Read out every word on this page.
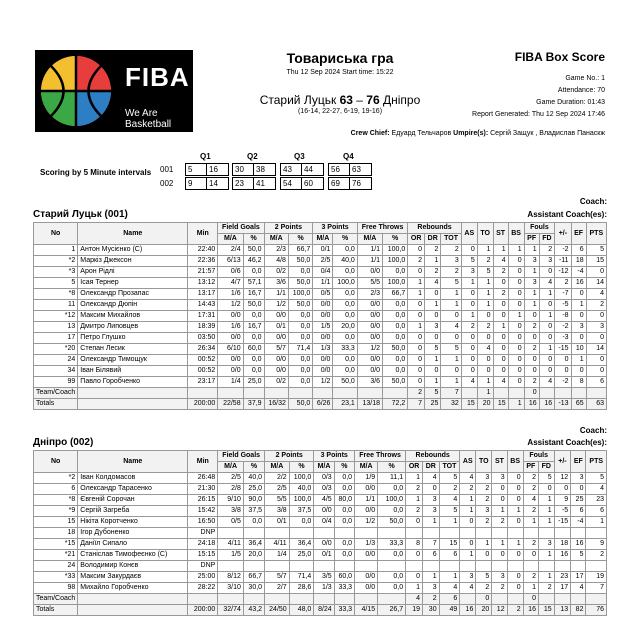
FIBA
We Are Basketball
Товариська гра
Thu 12 Sep 2024 Start time: 15:22
Старий Луцьк 63 – 76 Дніпро
(16-14, 22-27, 6-19, 19-16)
FIBA Box Score
Game No.: 1
Attendance: 70
Game Duration: 01:43
Report Generated: Thu 12 Sep 2024 17:46
Crew Chief: Едуард Тельчаров Umpire(s): Сергій Защук , Владислав Панаскж
Q1	Q2	Q3	Q4
Scoring by 5 Minute intervals 001
002
5	16	30	38	43	44	56	63
9	14	23	41	54	60	69	76
Старий Луцьк (001)
Coach:
Assistant Coach(es):
No	Name	Min	Field Goals		2 Points		3 Points		Free Throws		Rebounds			AS	TO	ST	BS	Fouls		+/-	EF	PTS
			M/A	%	M/A	%	M/A	%	M/A	%	OR	DR	TOT					PF	FD			
1	Антон Мусієнко (С)	22:40	2/4	50,0	2/3	66,7	0/1	0,0	1/1	100,0	0	2	2	0	1	1	1	1	2	-2	6	5
*2	Маркіз Джексон	22:36	6/13	46,2	4/8	50,0	2/5	40,0	1/1	100,0	2	1	3	5	2	4	0	3	3	-11	18	15
*3	Арон Рідлі	21:57	0/6	0,0	0/2	0,0	0/4	0,0	0/0	0,0	0	2	2	3	5	2	0	1	0	-12	-4	0
5	Ісая Тернер	13:12	4/7	57,1	3/6	50,0	1/1	100,0	5/5	100,0	1	4	5	1	1	0	0	3	4	2	16	14
*8	Олександр Прозапас	13:17	1/6	16,7	1/1	100,0	0/5	0,0	2/3	66,7	1	0	1	0	1	2	0	1	1	-7	0	4
11	Олександр Дюпін	14:43	1/2	50,0	1/2	50,0	0/0	0,0	0/0	0,0	0	1	1	0	1	0	0	1	0	-5	1	2
*12	Максим Михайлов	17:31	0/0	0,0	0/0	0,0	0/0	0,0	0/0	0,0	0	0	0	1	0	0	1	0	1	-8	0	0
13	Дмитро Липовцев	18:39	1/6	16,7	0/1	0,0	1/5	20,0	0/0	0,0	1	3	4	2	2	1	0	2	0	-2	3	3
17	Петро Глушко	03:50	0/0	0,0	0/0	0,0	0/0	0,0	0/0	0,0	0	0	0	0	0	0	0	0	0	-3	0	0
*20	Степан Лесик	26:34	6/10	60,0	5/7	71,4	1/3	33,3	1/2	50,0	0	5	5	0	4	0	0	2	1	-15	10	14
24	Олександр Тимощук	00:52	0/0	0,0	0/0	0,0	0/0	0,0	0/0	0,0	0	1	1	0	0	0	0	0	0	0	1	0
34	Іван Білявий	00:52	0/0	0,0	0/0	0,0	0/0	0,0	0/0	0,0	0	0	0	0	0	0	0	0	0	0	0	0
99	Павло Горобченко	23:17	1/4	25,0	0/2	0,0	1/2	50,0	3/6	50,0	0	1	1	4	1	4	0	2	4	-2	8	6
Team/Coach											2	5	7		1			0				
Totals		200:00	22/58	37,9	16/32	50,0	6/26	23,1	13/18	72,2	7	25	32	15	20	15	1	16	16	-13	65	63
Дніпро (002)
Coach:
Assistant Coach(es):
No	Name	Min	Field Goals		2 Points		3 Points		Free Throws		Rebounds			AS	TO	ST	BS	Fouls		+/-	EF	PTS
			M/A	%	M/A	%	M/A	%	M/A	%	OR	DR	TOT					PF	FD			
*2	Іван Колдомасов	26:48	2/5	40,0	2/2	100,0	0/3	0,0	1/9	11,1	1	4	5	4	3	3	0	2	5	12	3	5
6	Олександр Тарасенко	21:30	2/8	25,0	2/5	40,0	0/3	0,0	0/0	0,0	2	0	2	2	2	0	0	2	0	0	0	4
*8	Євгеній Сорочан	26:15	9/10	90,0	5/5	100,0	4/5	80,0	1/1	100,0	1	3	4	1	2	0	0	4	1	9	25	23
*9	Сергій Загреба	15:42	3/8	37,5	3/8	37,5	0/0	0,0	0/0	0,0	2	3	5	1	3	1	1	2	1	-5	6	6
15	Нікіта Коротченко	16:50	0/5	0,0	0/1	0,0	0/4	0,0	1/2	50,0	0	1	1	0	2	2	0	1	1	-15	-4	1
18	Ігор Дубоненко	DNP																				
*15	Даніїл Сипало	24:18	4/11	36,4	4/11	36,4	0/0	0,0	1/3	33,3	8	7	15	0	1	1	1	2	3	18	16	9
*21	Станіслав Тимофеєнко (С)	15:15	1/5	20,0	1/4	25,0	0/1	0,0	0/0	0,0	0	6	6	1	0	0	0	0	1	16	5	2
24	Володимир Конєв	DNP																				
*33	Максим Закурдаєв	25:00	8/12	66,7	5/7	71,4	3/5	60,0	0/0	0,0	0	1	1	3	5	3	0	2	1	23	17	19
98	Михайло Горобченко	28:22	3/10	30,0	2/7	28,6	1/3	33,3	0/0	0,0	1	3	4	4	2	2	0	1	2	17	4	7
Team/Coach											4	2	6		0			0				
Totals		200:00	32/74	43,2	24/50	48,0	8/24	33,3	4/15	26,7	19	30	49	16	20	12	2	16	15	13	82	76
